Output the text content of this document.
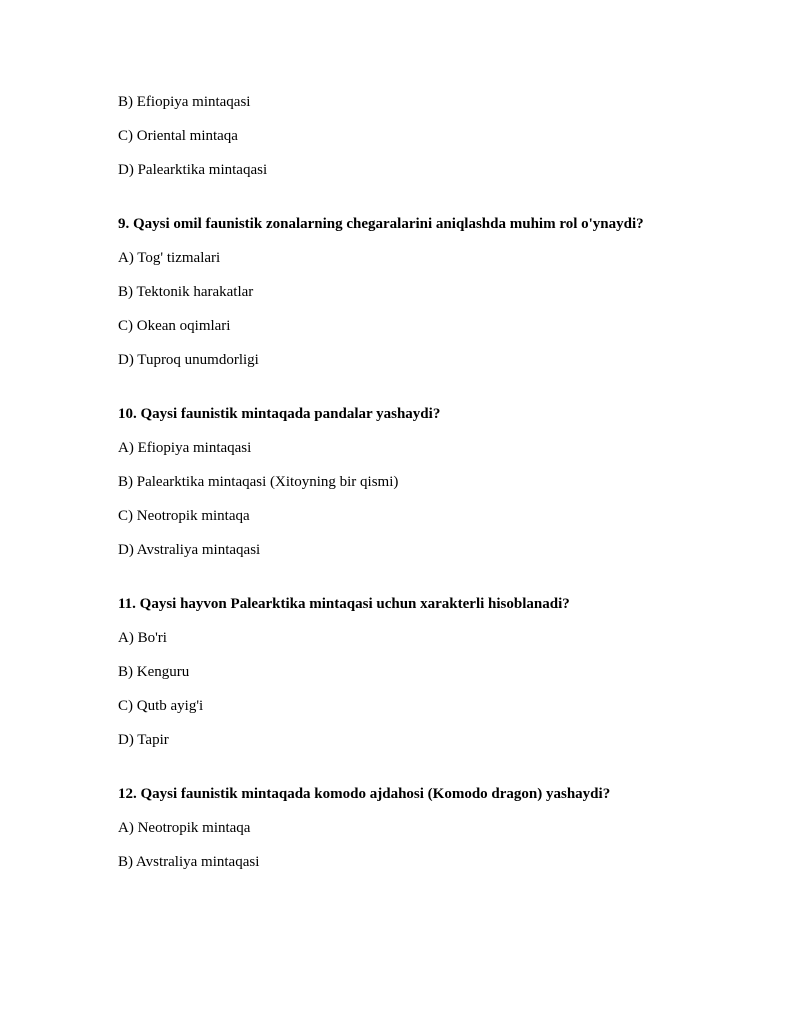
B) Efiopiya mintaqasi
C) Oriental mintaqa
D) Palearktika mintaqasi
9. Qaysi omil faunistik zonalarning chegaralarini aniqlashda muhim rol o'ynaydi?
A) Tog' tizmalari
B) Tektonik harakatlar
C) Okean oqimlari
D) Tuproq unumdorligi
10. Qaysi faunistik mintaqada pandalar yashaydi?
A) Efiopiya mintaqasi
B) Palearktika mintaqasi (Xitoyning bir qismi)
C) Neotropik mintaqa
D) Avstraliya mintaqasi
11. Qaysi hayvon Palearktika mintaqasi uchun xarakterli hisoblanadi?
A) Bo'ri
B) Kenguru
C) Qutb ayig'i
D) Tapir
12. Qaysi faunistik mintaqada komodo ajdahosi (Komodo dragon) yashaydi?
A) Neotropik mintaqa
B) Avstraliya mintaqasi
